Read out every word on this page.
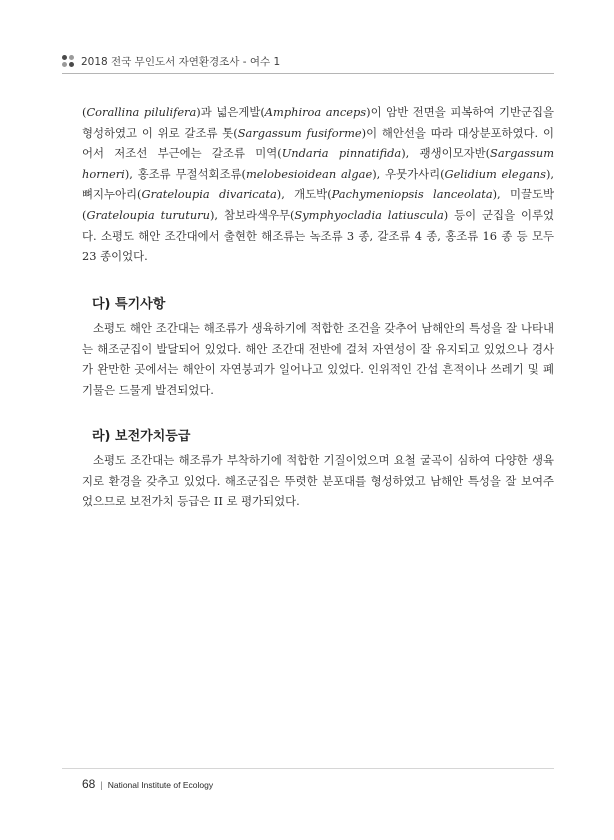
2018 전국 무인도서 자연환경조사 - 여수 1
(Corallina pilulifera)과 넓은게발(Amphiroa anceps)이 암반 전면을 피복하여 기반군집을 형성하였고 이 위로 갈조류 톳(Sargassum fusiforme)이 해안선을 따라 대상분포하였다. 이어서 저조선 부근에는 갈조류 미역(Undaria pinnatifida), 괭생이모자반(Sargassum horneri), 홍조류 무절석회조류(melobesioidean algae), 우뭇가사리(Gelidium elegans), 뼈지누아리(Grateloupia divaricata), 개도박(Pachymeniopsis lanceolata), 미끌도박(Grateloupia turuturu), 참보라색우무(Symphyocladia latiuscula) 등이 군집을 이루었다. 소평도 해안 조간대에서 출현한 해조류는 녹조류 3 종, 갈조류 4 종, 홍조류 16 종 등 모두 23 종이었다.
다) 특기사항
소평도 해안 조간대는 해조류가 생육하기에 적합한 조건을 갖추어 남해안의 특성을 잘 나타내는 해조군집이 발달되어 있었다. 해안 조간대 전반에 걸쳐 자연성이 잘 유지되고 있었으나 경사가 완만한 곳에서는 해안이 자연붕괴가 일어나고 있었다. 인위적인 간섭 흔적이나 쓰레기 및 폐기물은 드물게 발견되었다.
라) 보전가치등급
소평도 조간대는 해조류가 부착하기에 적합한 기질이었으며 요철 굴곡이 심하여 다양한 생육지로 환경을 갖추고 있었다. 해조군집은 뚜렷한 분포대를 형성하였고 남해안 특성을 잘 보여주었으므로 보전가치 등급은 II 로 평가되었다.
68 | National Institute of Ecology
